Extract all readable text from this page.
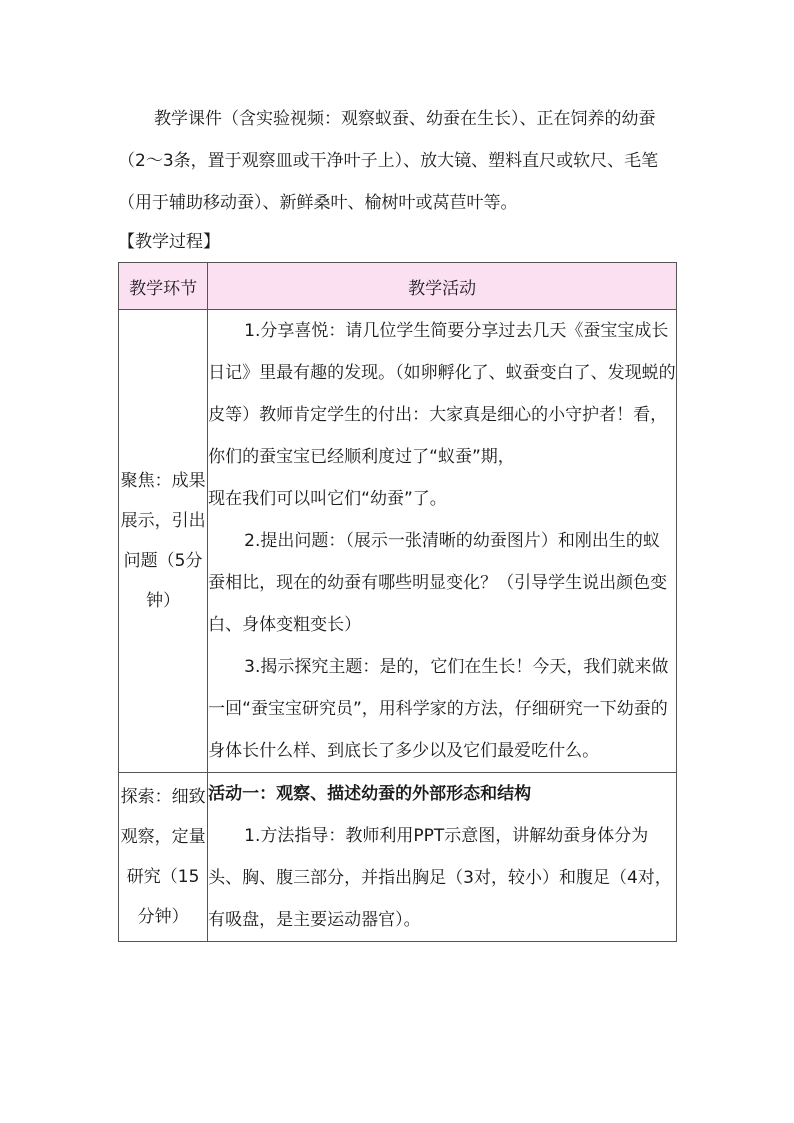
教学课件（含实验视频：观察蚁蚕、幼蚕在生长）、正在饲养的幼蚕（2～3条，置于观察皿或干净叶子上）、放大镜、塑料直尺或软尺、毛笔（用于辅助移动蚕）、新鲜桑叶、榆树叶或莴苣叶等。

【教学过程】

教学环节	教学活动

聚焦：成果展示，引出问题（5分钟）	1.分享喜悦：请几位学生简要分享过去几天《蚕宝宝成长日记》里最有趣的发现。（如卵孵化了、蚁蚕变白了、发现蜕的皮等）教师肯定学生的付出：大家真是细心的小守护者！看，你们的蚕宝宝已经顺利度过了“蚁蚕”期，

现在我们可以叫它们“幼蚕”了。

2.提出问题：（展示一张清晰的幼蚕图片）和刚出生的蚁蚕相比，现在的幼蚕有哪些明显变化？（引导学生说出颜色变白、身体变粗变长）

3.揭示探究主题：是的，它们在生长！今天，我们就来做一回“蚕宝宝研究员”，用科学家的方法，仔细研究一下幼蚕的身体长什么样、到底长了多少以及它们最爱吃什么。

探索：细致观察，定量研究（15分钟）	活动一：观察、描述幼蚕的外部形态和结构

1.方法指导：教师利用PPT示意图，讲解幼蚕身体分为头、胸、腹三部分，并指出胸足（3对，较小）和腹足（4对，有吸盘，是主要运动器官）。
